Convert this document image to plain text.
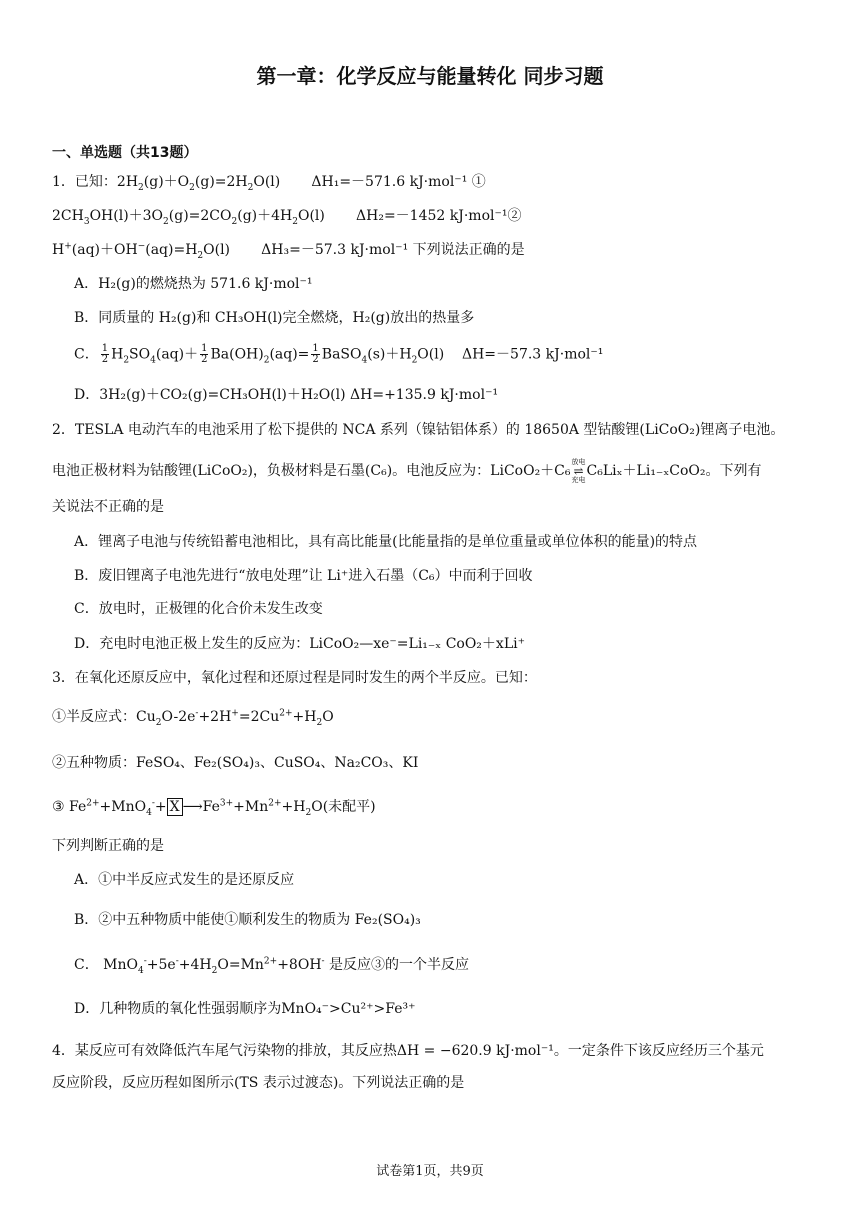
第一章：化学反应与能量转化 同步习题
一、单选题（共13题）
1．已知：$2H_2(g)+O_2(g)=2H_2O(l)$       ΔH₁=－571.6 kJ·mol⁻¹ ①
$2CH_3OH(l)+3O_2(g)=2CO_2(g)+4H_2O(l)$       ΔH₂=－1452 kJ·mol⁻¹②
$H^+(aq)+OH^-(aq)=H_2O(l)$       ΔH₃=－57.3 kJ·mol⁻¹ 下列说法正确的是
A．H₂(g)的燃烧热为 571.6 kJ·mol⁻¹
B．同质量的 H₂(g)和 CH₃OH(l)完全燃烧，H₂(g)放出的热量多
C． $\frac{1}{2} H_2SO_4(aq)+ \frac{1}{2} Ba(OH)_2(aq)= \frac{1}{2}$ $BaSO_4(s)+H_2O(l)$    ΔH=－57.3 kJ·mol⁻¹
D．3H₂(g)＋CO₂(g)=CH₃OH(l)＋H₂O(l) ΔH=+135.9 kJ·mol⁻¹
2．TESLA 电动汽车的电池采用了松下提供的 NCA 系列（镍钴铝体系）的 18650A 型钴酸锂(LiCoO₂)锂离子电池。
电池正极材料为钴酸锂(LiCoO₂)，负极材料是石墨(C₆)。电池反应为：LiCoO₂＋C₆
放电
⇌
充电
C₆Liₓ＋Li₁₋ₓCoO₂。下列有
关说法不正确的是
A．锂离子电池与传统铅蓄电池相比，具有高比能量(比能量指的是单位重量或单位体积的能量)的特点
B．废旧锂离子电池先进行“放电处理”让 Li⁺进入石墨（C₆）中而利于回收
C．放电时，正极锂的化合价未发生改变
D．充电时电池正极上发生的反应为：LiCoO₂—xe⁻=Li₁₋ₓ CoO₂＋xLi⁺
3．在氧化还原反应中，氧化过程和还原过程是同时发生的两个半反应。已知：
①半反应式：$Cu_2O-2e^-+2H^+=2Cu^{2+}+H_2O$
②五种物质：FeSO₄、Fe₂(SO₄)₃、CuSO₄、Na₂CO₃、KI
③ $Fe^{2+}+MnO_4^-+ X$ $⟶Fe^{3+}+Mn^{2+}+H_2O$(未配平)
下列判断正确的是
A．①中半反应式发生的是还原反应
B．②中五种物质中能使①顺利发生的物质为 Fe₂(SO₄)₃
C． $MnO_4^-+5e^-+4H_2O=Mn^{2+}+8OH^-$ 是反应③的一个半反应
D．几种物质的氧化性强弱顺序为MnO₄⁻>Cu²⁺>Fe³⁺
4．某反应可有效降低汽车尾气污染物的排放，其反应热ΔH = −620.9 kJ·mol⁻¹。一定条件下该反应经历三个基元
反应阶段，反应历程如图所示(TS 表示过渡态)。下列说法正确的是
试卷第1页，共9页
